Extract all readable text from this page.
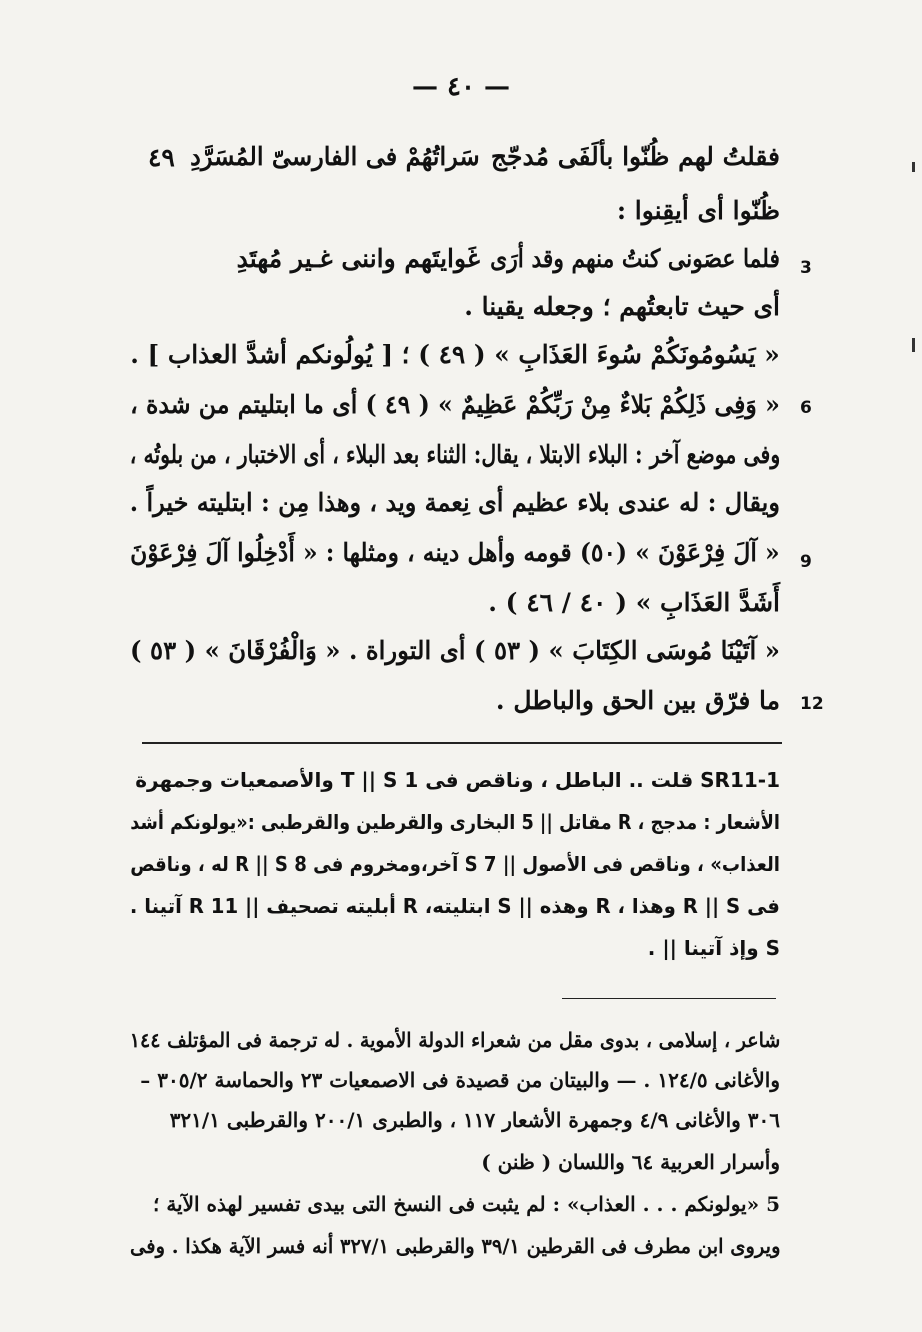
— ٤٠ —
فقلتُ لهم ظُنّوا بألَفَى مُدجّج
سَراتُهُمْ فى الفارسىّ المُسَرَّدِ
٤٩
ظُنّوا أى أيقِنوا :
فلما عصَونى كنتُ منهم وقد أرَى
غَوايتَهم واننى غـير مُهتَدِ	3
أى حيث تابعتُهم ؛ وجعله يقينا .
« يَسُومُونَكُمْ سُوءَ العَذَابِ » ( ٤٩ ) ؛ [ يُولُونكم أشدَّ العذاب ] .
« وَفِى ذَلِكُمْ بَلاءٌ مِنْ رَبِّكُمْ عَظِيمٌ » ( ٤٩ ) أى ما ابتليتم من شدة ، 6
وفى موضع آخر : البلاء الابتلا ، يقال: الثناء بعد البلاء ، أى الاختبار ، من بلوتُه ،
ويقال : له عندى بلاء عظيم أى نِعمة ويد ، وهذا مِن : ابتليته خيراً .
« آلَ فِرْعَوْنَ » (٥٠) قومه وأهل دينه ، ومثلها : « أَدْخِلُوا آلَ فِرْعَوْنَ 9
أَشَدَّ العَذَابِ » ( ٤٠ / ٤٦ ) .
« آتَيْنَا مُوسَى الكِتَابَ » ( ٥٣ ) أى التوراة . « وَالْفُرْقَانَ » ( ٥٣ )
ما فرّق بين الحق والباطل . 12
SR11-1 قلت .. الباطل ، وناقص فى T || S 1 والأصمعيات وجمهرة
الأشعار : مدجج ، R مقاتل || 5 البخارى والقرطين والقرطبى :«يولونكم أشد
العذاب» ، وناقص فى الأصول || S 7 آخر،ومخروم فى R || S 8 له ، وناقص
فى R || S وهذا ، R وهذه || S ابتليته، R أبليته تصحيف || R 11 آتينا .
S وإذ آتينا || .
شاعر ، إسلامى ، بدوى مقل من شعراء الدولة الأموية . له ترجمة فى المؤتلف ١٤٤
والأغانى ١٢٤/٥ . — والبيتان من قصيدة فى الاصمعيات ٢٣ والحماسة ٣٠٥/٢ –
٣٠٦ والأغانى ٤/٩ وجمهرة الأشعار ١١٧ ، والطبرى ٢٠٠/١ والقرطبى ٣٢١/١
وأسرار العربية ٦٤ واللسان ( ظنن )
5 «يولونكم . . . العذاب» : لم يثبت فى النسخ التى بيدى تفسير لهذه الآية ؛
ويروى ابن مطرف فى القرطين ٣٩/١ والقرطبى ٣٢٧/١ أنه فسر الآية هكذا . وفى
